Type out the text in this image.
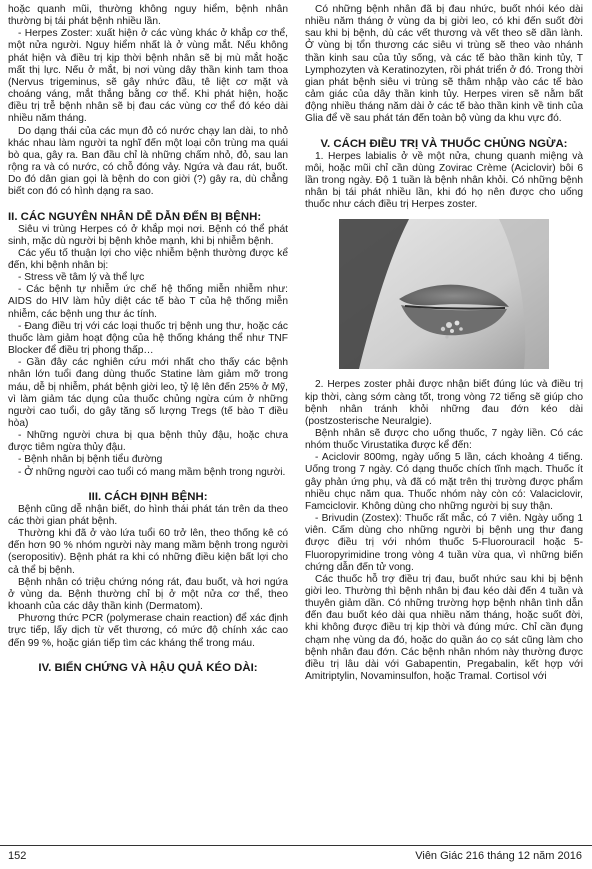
hoặc quanh mũi, thường không nguy hiểm, bệnh nhân thường bị tái phát bệnh nhiều lần.

- Herpes Zoster: xuất hiện ở các vùng khác ở khắp cơ thể, một nửa người. Nguy hiểm nhất là ở vùng mắt. Nếu không phát hiện và điều trị kịp thời bệnh nhân sẽ bị mù mắt hoặc mất thị lực. Nếu ở mắt, bị nơi vùng dây thần kinh tam thoa (Nervus trigeminus, sẽ gây nhức đầu, tê liệt cơ mặt và choáng váng, mắt thắng bằng cơ thể. Khi phát hiện, hoặc điều trị trễ bệnh nhân sẽ bị đau các vùng cơ thể đó kéo dài nhiều năm tháng.

Do dạng thái của các mụn đỏ có nước chạy lan dài, to nhỏ khác nhau làm người ta nghĩ đến một loại côn trùng ma quái bò qua, gây ra. Ban đầu chỉ là những chấm nhỏ, đỏ, sau lan rộng ra và có nước, có chỗ đóng vảy. Ngứa và đau rát, buốt. Do đó dân gian gọi là bệnh do con giời (?) gây ra, dù chẳng biết con đó có hình dạng ra sao.

II. CÁC NGUYÊN NHÂN DỄ DẪN ĐẾN BỊ BỆNH:

Siêu vi trùng Herpes có ở khắp mọi nơi. Bệnh có thể phát sinh, mặc dù người bị bệnh khỏe mạnh, khi bị nhiễm bệnh.

Các yếu tố thuận lợi cho việc nhiễm bệnh thường được kể đến, khi bệnh nhân bị:

- Stress về tâm lý và thể lực

- Các bệnh tự nhiễm ức chế hệ thống miễn nhiễm như: AIDS do HIV làm hủy diệt các tế bào T của hệ thống miễn nhiễm, các bệnh ung thư ác tính.

- Đang điều trị với các loại thuốc trị bệnh ung thư, hoặc các thuốc làm giảm hoạt động của hệ thống kháng thể như TNF Blocker để điều trị phong thấp…

- Gần đây các nghiên cứu mới nhất cho thấy các bệnh nhân lớn tuổi đang dùng thuốc Statine làm giảm mỡ trong máu, dễ bị nhiễm, phát bệnh giời leo, tỷ lệ lên đến 25% ở Mỹ, vì làm giảm tác dụng của thuốc chủng ngừa cúm ở những người cao tuổi, do gây tăng số lượng Tregs (tế bào T điều hòa)

- Những người chưa bị qua bệnh thủy đậu, hoặc chưa được tiêm ngừa thủy đậu.

- Bệnh nhân bị bệnh tiểu đường

- Ở những người cao tuổi có mang mầm bệnh trong người.

III. CÁCH ĐỊNH BỆNH:

Bệnh cũng dễ nhận biết, do hình thái phát tán trên da theo các thời gian phát bệnh.

Thường khi đã ở vào lứa tuổi 60 trở lên, theo thống kê có đến hơn 90 % nhóm người này mang mầm bệnh trong người (seropositiv). Bệnh phát ra khi có những điều kiện bất lợi cho cả thể bị bệnh.

Bệnh nhân có triệu chứng nóng rát, đau buốt, và hơi ngứa ở vùng da. Bệnh thường chỉ bị ở một nửa cơ thể, theo khoanh của các dây thần kinh (Dermatom).

Phương thức PCR (polymerase chain reaction) để xác định trực tiếp, lấy dịch từ vết thương, có mức độ chính xác cao đến 99 %, hoặc gián tiếp tìm các kháng thể trong máu.

IV. BIẾN CHỨNG VÀ HẬU QUẢ KÉO DÀI:

Có những bệnh nhân đã bị đau nhức, buốt nhói kéo dài nhiều năm tháng ở vùng da bị giời leo, có khi đến suốt đời sau khi bị bệnh, dù các vết thương và vết theo sẽ dần lành. Ở vùng bị tổn thương các siêu vi trùng sẽ theo vào nhánh thần kinh sau của tủy sống, và các tế bào thần kinh tủy, T Lymphozyten và Keratinozyten, rồi phát triển ở đó. Trong thời gian phát bệnh siêu vi trùng sẽ thâm nhập vào các tế bào cảm giác của dây thần kinh tủy. Herpes viren sẽ nằm bất động nhiều tháng năm dài ở các tế bào thần kinh về tinh của Glia để về sau phát tán đến toàn bộ vùng da khu vực đó.

V. CÁCH ĐIỀU TRỊ VÀ THUỐC CHỦNG NGỪA:

1. Herpes labialis ở về một nửa, chung quanh miệng và môi, hoặc mũi chỉ cần dùng Zovirac Crème (Aciclovir) bôi 6 lần trong ngày. Độ 1 tuần là bệnh nhân khỏi. Có những bệnh nhân bị tái phát nhiều lần, khi đó họ nên được cho uống thuốc như cách điều trị Herpes zoster.

2. Herpes zoster phải được nhận biết đúng lúc và điều trị kịp thời, càng sớm càng tốt, trong vòng 72 tiếng sẽ giúp cho bệnh nhân tránh khỏi những đau đớn kéo dài (postzosterische Neuralgie).

Bệnh nhân sẽ được cho uống thuốc, 7 ngày liền. Có các nhóm thuốc Virustatika được kể đến:

- Aciclovir 800mg, ngày uống 5 lần, cách khoảng 4 tiếng. Uống trong 7 ngày. Có dạng thuốc chích tĩnh mạch. Thuốc ít gây phản ứng phụ, và đã có mặt trên thị trường được phẩm nhiều chục năm qua. Thuốc nhóm này còn có: Valaciclovir, Famciclovir. Không dùng cho những người bị suy thận.

- Brivudin (Zostex): Thuốc rất mắc, có 7 viên. Ngày uống 1 viên. Cấm dùng cho những người bị bệnh ung thư đang được điều trị với nhóm thuốc 5-Fluorouracil hoặc 5- Fluoropyrimidine trong vòng 4 tuần vừa qua, vì những biến chứng dẫn đến tử vong.

Các thuốc hỗ trợ điều trị đau, buốt nhức sau khi bị bệnh giời leo. Thường thì bệnh nhân bị đau kéo dài đến 4 tuần và thuyên giảm dần. Có những trường hợp bệnh nhân tình dẫn đến đau buốt kéo dài qua nhiều năm tháng, hoặc suốt đời, khi không được điều trị kịp thời và đúng mức. Chỉ cần đụng chạm nhẹ vùng da đó, hoặc do quần áo cọ sát cũng làm cho bệnh nhân đau đớn. Các bệnh nhân nhóm này thường được điều trị lâu dài với Gabapentin, Pregabalin, kết hợp với Amitriptylin, Novaminsulfon, hoặc Tramal. Cortisol với

152	Viên Giác 216 tháng 12 năm 2016
